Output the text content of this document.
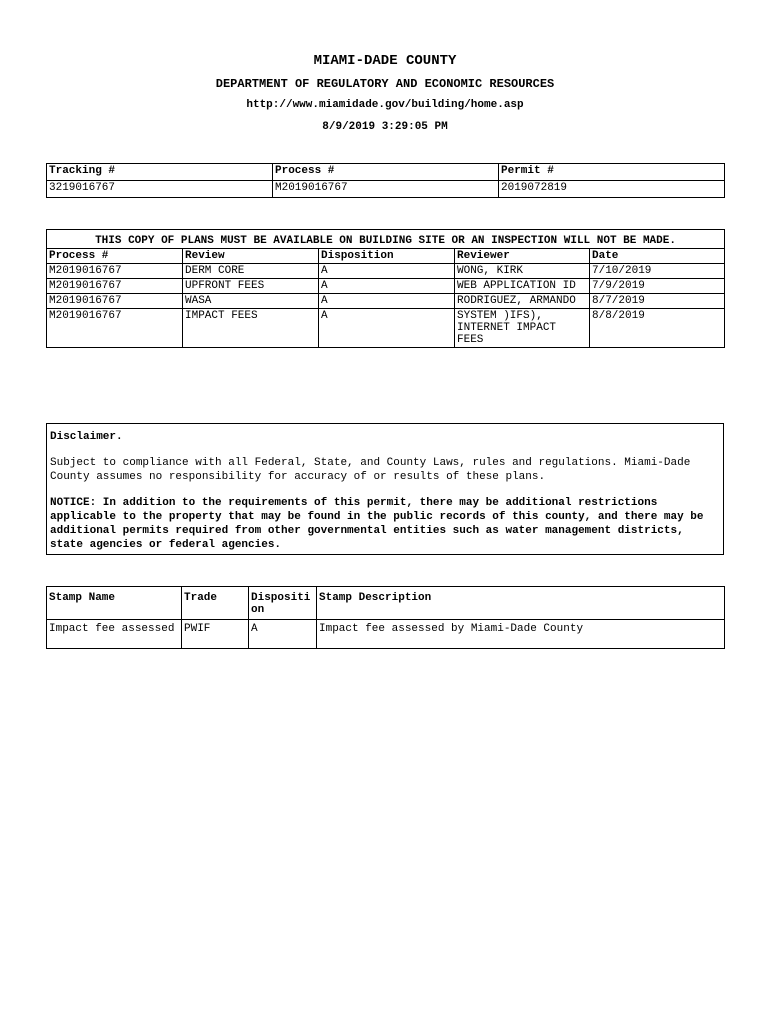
MIAMI-DADE COUNTY
DEPARTMENT OF REGULATORY AND ECONOMIC RESOURCES
http://www.miamidade.gov/building/home.asp
8/9/2019 3:29:05 PM
Tracking #	Process #	Permit #
3219016767	M2019016767	2019072819
THIS COPY OF PLANS MUST BE AVAILABLE ON BUILDING SITE OR AN INSPECTION WILL NOT BE MADE.				
Process #	Review	Disposition	Reviewer	Date
M2019016767	DERM CORE	A	WONG, KIRK	7/10/2019
M2019016767	UPFRONT FEES	A	WEB APPLICATION ID	7/9/2019
M2019016767	WASA	A	RODRIGUEZ, ARMANDO	8/7/2019
M2019016767	IMPACT FEES	A	SYSTEM )IFS), INTERNET IMPACT FEES	8/8/2019

Disclaimer.

Subject to compliance with all Federal, State, and County Laws, rules and regulations. Miami-Dade County assumes no responsibility for accuracy of or results of these plans.

NOTICE: In addition to the requirements of this permit, there may be additional restrictions applicable to the property that may be found in the public records of this county, and there may be additional permits required from other governmental entities such as water management districts, state agencies or federal agencies.

Stamp Name	Trade	Disposition	Stamp Description
Impact fee assessed	PWIF	A	Impact fee assessed by Miami-Dade County
